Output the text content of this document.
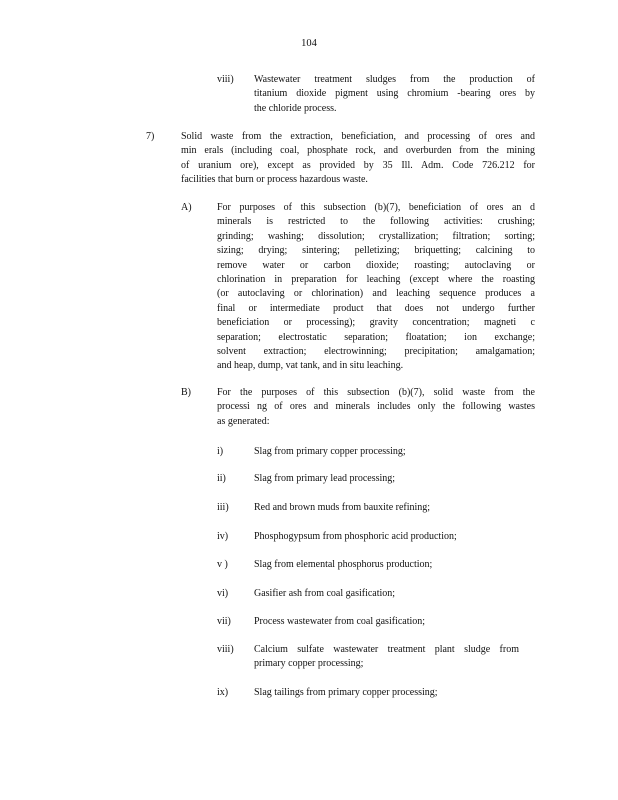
104
viii) Wastewater treatment sludges from the production of
titanium dioxide pigment using chromium -bearing ores by
the chloride process.
7)	Solid waste from the extraction, beneficiation, and processing of ores and
min erals (including coal, phosphate rock, and overburden from the mining
of uranium ore), except as provided by 35 Ill. Adm. Code 726.212 for
facilities that burn or process hazardous waste.
A)	For purposes of this subsection (b)(7), beneficiation of ores an d
minerals is restricted to the following activities: crushing;
grinding; washing; dissolution; crystallization; filtration; sorting;
sizing; drying; sintering; pelletizing; briquetting; calcining to
remove water or carbon dioxide; roasting; autoclaving or
chlorination in preparation for leaching (except where the roasting
(or autoclaving or chlorination) and leaching sequence produces a
final or intermediate product that does not undergo further
beneficiation or processing); gravity concentration; magneti c
separation; electrostatic separation; floatation; ion exchange;
solvent extraction; electrowinning; precipitation; amalgamation;
and heap, dump, vat tank, and in situ leaching.
B)	For the purposes of this subsection (b)(7), solid waste from the
processi ng of ores and minerals includes only the following wastes
as generated:
i)	Slag from primary copper processing;
ii)	Slag from primary lead processing;
iii)	Red and brown muds from bauxite refining;
iv)	Phosphogypsum from phosphoric acid production;
v )	Slag from elemental phosphorus production;
vi)	Gasifier ash from coal gasification;
vii) Process wastewater from coal gasification;
viii) Calcium sulfate wastewater treatment plant sludge from
primary copper processing;
ix)	Slag tailings from primary copper processing;
